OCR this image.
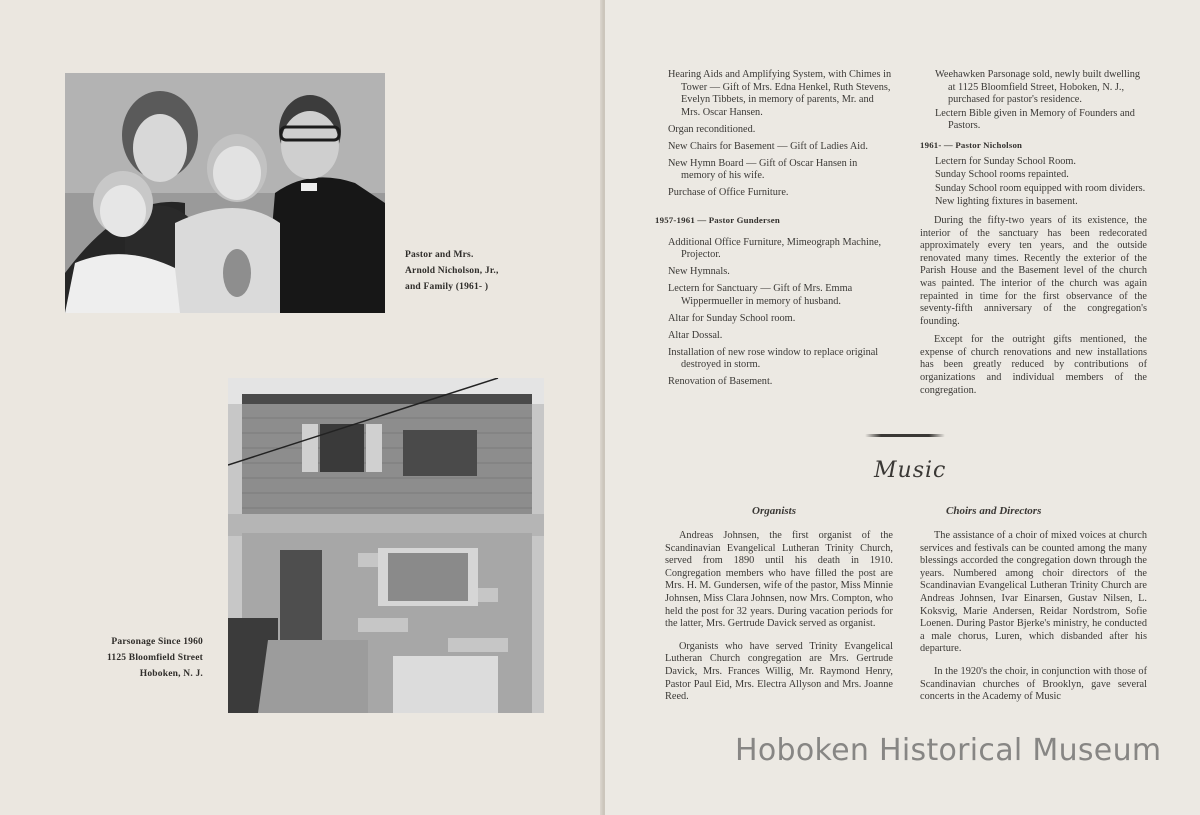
Pastor and Mrs.
Arnold Nicholson, Jr.,
and Family (1961- )
Parsonage Since 1960
1125 Bloomfield Street
Hoboken, N. J.

Hearing Aids and Amplifying System, with Chimes in Tower — Gift of Mrs. Edna Henkel, Ruth Stevens, Evelyn Tibbets, in memory of parents, Mr. and Mrs. Oscar Hansen.

Organ reconditioned.

New Chairs for Basement — Gift of Ladies Aid.

New Hymn Board — Gift of Oscar Hansen in memory of his wife.

Purchase of Office Furniture.

1957-1961 — Pastor Gundersen

Additional Office Furniture, Mimeograph Machine, Projector.

New Hymnals.

Lectern for Sanctuary — Gift of Mrs. Emma Wippermueller in memory of husband.

Altar for Sunday School room.

Altar Dossal.

Installation of new rose window to replace original destroyed in storm.

Renovation of Basement.

Weehawken Parsonage sold, newly built dwelling at 1125 Bloomfield Street, Hoboken, N. J., purchased for pastor's residence.

Lectern Bible given in Memory of Founders and Pastors.

1961- — Pastor Nicholson

Lectern for Sunday School Room.

Sunday School rooms repainted.

Sunday School room equipped with room dividers.

New lighting fixtures in basement.

During the fifty-two years of its existence, the interior of the sanctuary has been redecorated approximately every ten years, and the outside renovated many times. Recently the exterior of the Parish House and the Basement level of the church was painted. The interior of the church was again repainted in time for the first observance of the seventy-fifth anniversary of the congregation's founding.

Except for the outright gifts mentioned, the expense of church renovations and new installations has been greatly reduced by contributions of organizations and individual members of the congregation.

Music
Organists	Choirs and Directors

Andreas Johnsen, the first organist of the Scandinavian Evangelical Lutheran Trinity Church, served from 1890 until his death in 1910. Congregation members who have filled the post are Mrs. H. M. Gundersen, wife of the pastor, Miss Minnie Johnsen, Miss Clara Johnsen, now Mrs. Compton, who held the post for 32 years. During vacation periods for the latter, Mrs. Gertrude Davick served as organist.

Organists who have served Trinity Evangelical Lutheran Church congregation are Mrs. Gertrude Davick, Mrs. Frances Willig, Mr. Raymond Henry, Pastor Paul Eid, Mrs. Electra Allyson and Mrs. Joanne Reed.

The assistance of a choir of mixed voices at church services and festivals can be counted among the many blessings accorded the congregation down through the years. Numbered among choir directors of the Scandinavian Evangelical Lutheran Trinity Church are Andreas Johnsen, Ivar Einarsen, Gustav Nilsen, L. Koksvig, Marie Andersen, Reidar Nordstrom, Sofie Loenen. During Pastor Bjerke's ministry, he conducted a male chorus, Luren, which disbanded after his departure.

In the 1920's the choir, in conjunction with those of Scandinavian churches of Brooklyn, gave several concerts in the Academy of Music

Hoboken Historical Museum
